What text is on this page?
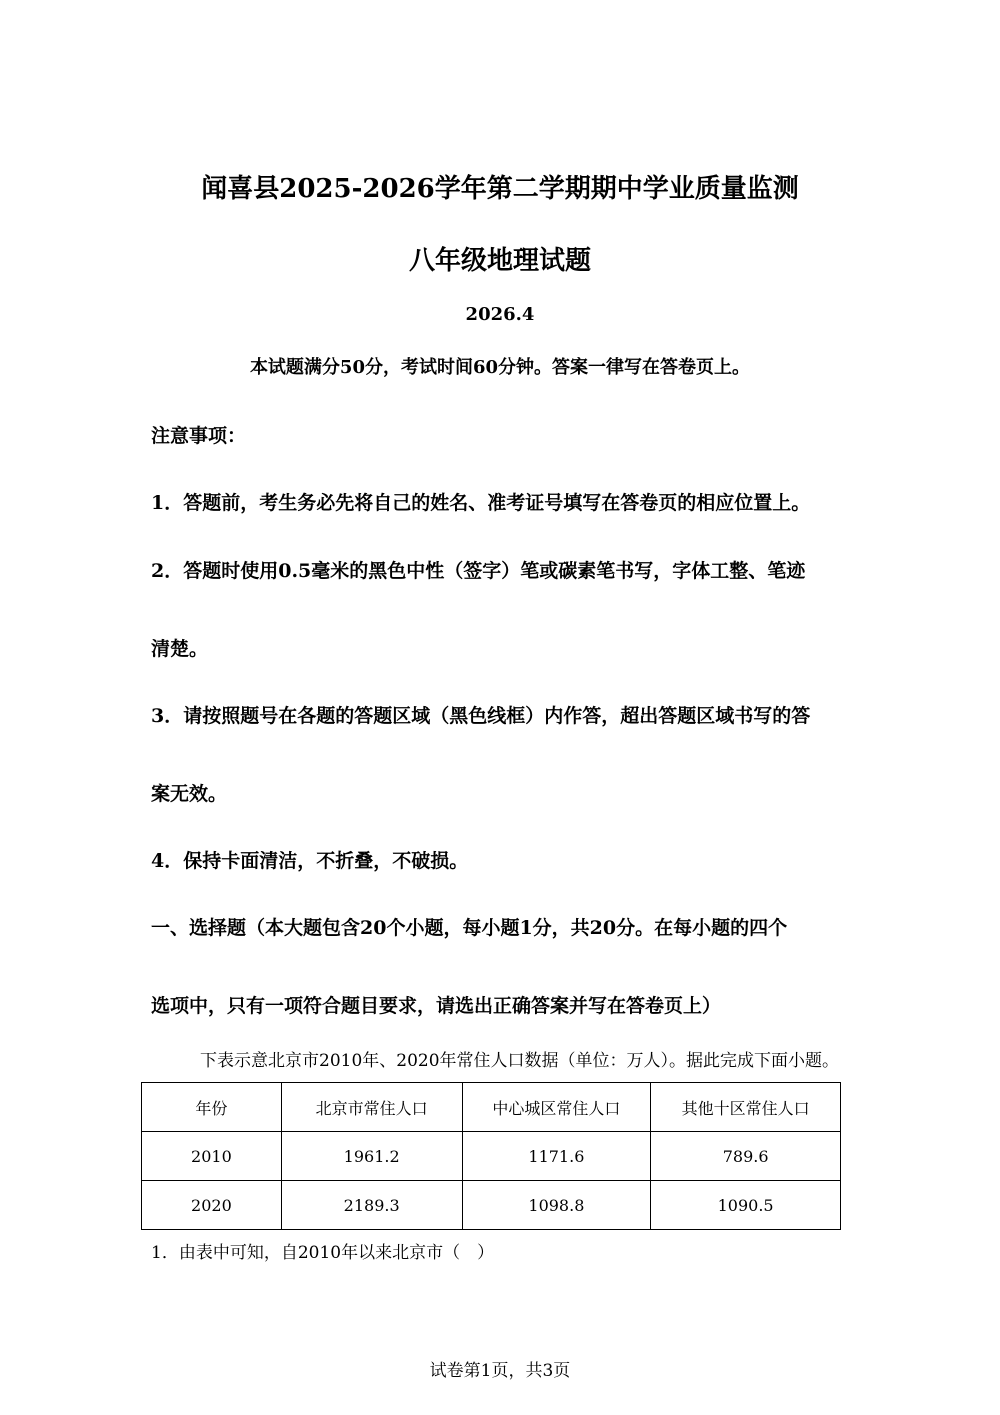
闻喜县2025-2026学年第二学期期中学业质量监测
八年级地理试题
2026.4
本试题满分50分，考试时间60分钟。答案一律写在答卷页上。
注意事项：
1．答题前，考生务必先将自己的姓名、准考证号填写在答卷页的相应位置上。
2．答题时使用0.5毫米的黑色中性（签字）笔或碳素笔书写，字体工整、笔迹
清楚。
3．请按照题号在各题的答题区域（黑色线框）内作答，超出答题区域书写的答
案无效。
4．保持卡面清洁，不折叠，不破损。
一、选择题（本大题包含20个小题，每小题1分，共20分。在每小题的四个
选项中，只有一项符合题目要求，请选出正确答案并写在答卷页上）
下表示意北京市2010年、2020年常住人口数据（单位：万人）。据此完成下面小题。
年份	北京市常住人口	中心城区常住人口	其他十区常住人口
2010	1961.2	1171.6	789.6
2020	2189.3	1098.8	1090.5
1．由表中可知，自2010年以来北京市（　）
试卷第1页，共3页
